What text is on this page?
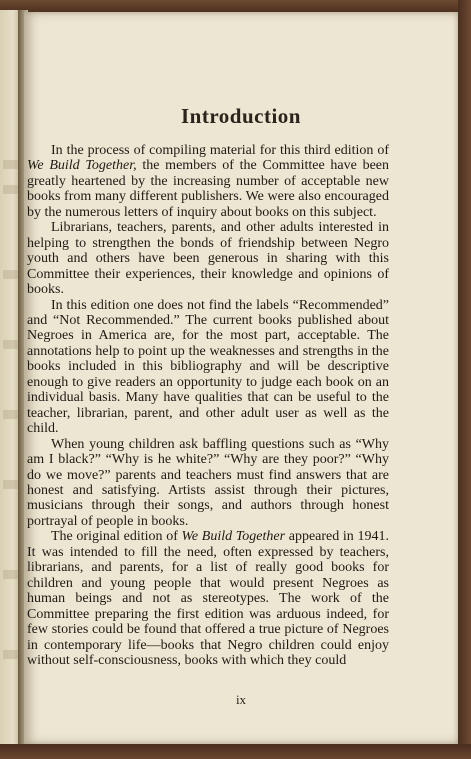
Introduction

In the process of compiling material for this third edition of We Build Together, the members of the Committee have been greatly heartened by the increasing number of acceptable new books from many different publishers. We were also encouraged by the numerous letters of inquiry about books on this subject.

Librarians, teachers, parents, and other adults interested in helping to strengthen the bonds of friendship between Negro youth and others have been generous in sharing with this Committee their experiences, their knowledge and opinions of books.

In this edition one does not find the labels “Recommended” and “Not Recommended.” The current books published about Negroes in America are, for the most part, acceptable. The annotations help to point up the weaknesses and strengths in the books included in this bibliography and will be descriptive enough to give readers an opportunity to judge each book on an individual basis. Many have qualities that can be useful to the teacher, librarian, parent, and other adult user as well as the child.

When young children ask baffling questions such as “Why am I black?” “Why is he white?” “Why are they poor?” “Why do we move?” parents and teachers must find answers that are honest and satisfying. Artists assist through their pictures, musicians through their songs, and authors through honest portrayal of people in books.

The original edition of We Build Together appeared in 1941. It was intended to fill the need, often expressed by teachers, librarians, and parents, for a list of really good books for children and young people that would present Negroes as human beings and not as stereotypes. The work of the Committee preparing the first edition was arduous indeed, for few stories could be found that offered a true picture of Negroes in contemporary life—books that Negro children could enjoy without self-consciousness, books with which they could

ix
